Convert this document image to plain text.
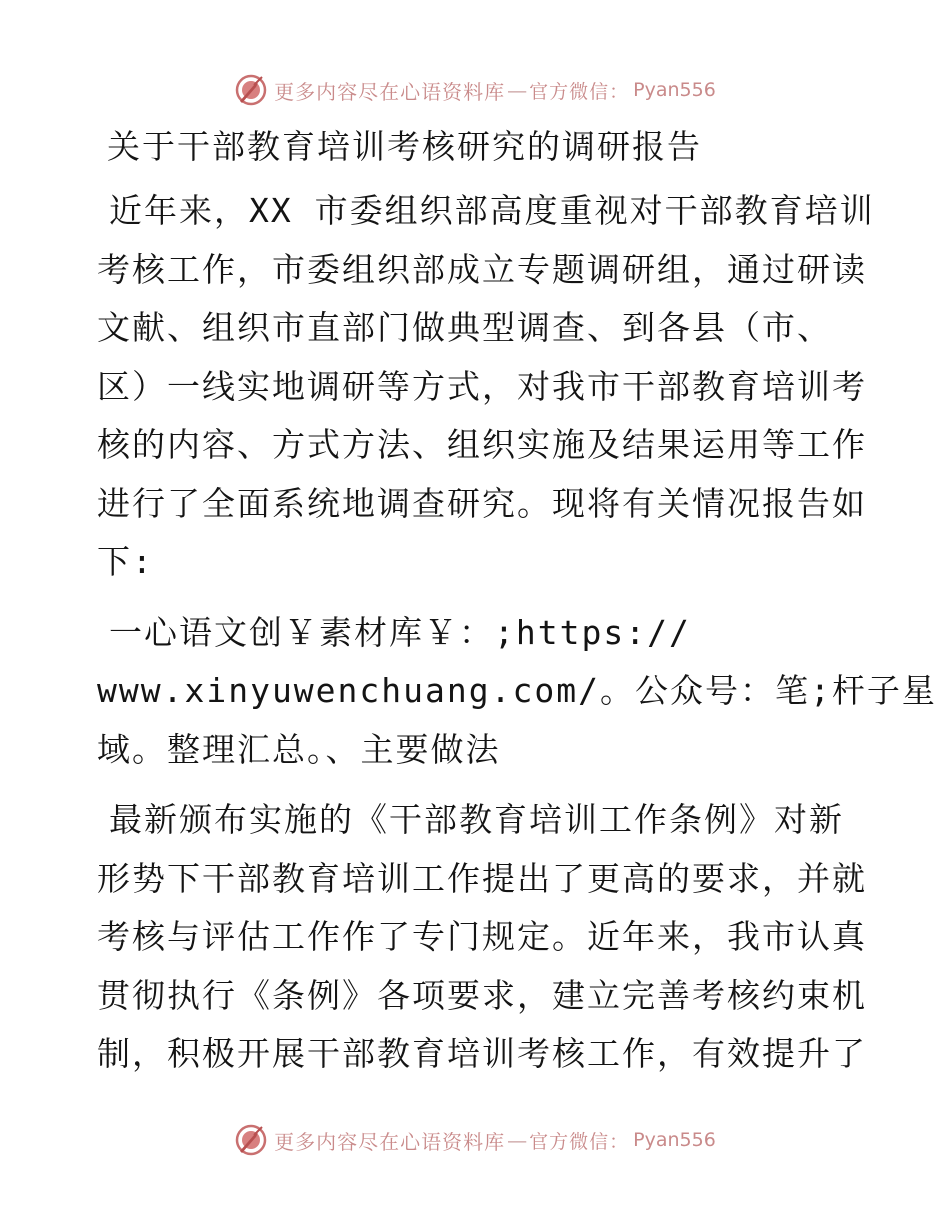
更多内容尽在心语资料库 — 官方微信： Pyan556
关于干部教育培训考核研究的调研报告

近年来，XX 市委组织部高度重视对干部教育培训
考核工作，市委组织部成立专题调研组，通过研读
文献、组织市直部门做典型调查、到各县（市、
区）一线实地调研等方式，对我市干部教育培训考
核的内容、方式方法、组织实施及结果运用等工作
进行了全面系统地调查研究。现将有关情况报告如
下:

一心语文创￥素材库￥：;https://
www.xinyuwenchuang.com/。公众号：笔;杆子星
域。整理汇总。、主要做法

最新颁布实施的《干部教育培训工作条例》对新
形势下干部教育培训工作提出了更高的要求，并就
考核与评估工作作了专门规定。近年来，我市认真
贯彻执行《条例》各项要求，建立完善考核约束机
制，积极开展干部教育培训考核工作，有效提升了

更多内容尽在心语资料库 — 官方微信： Pyan556
